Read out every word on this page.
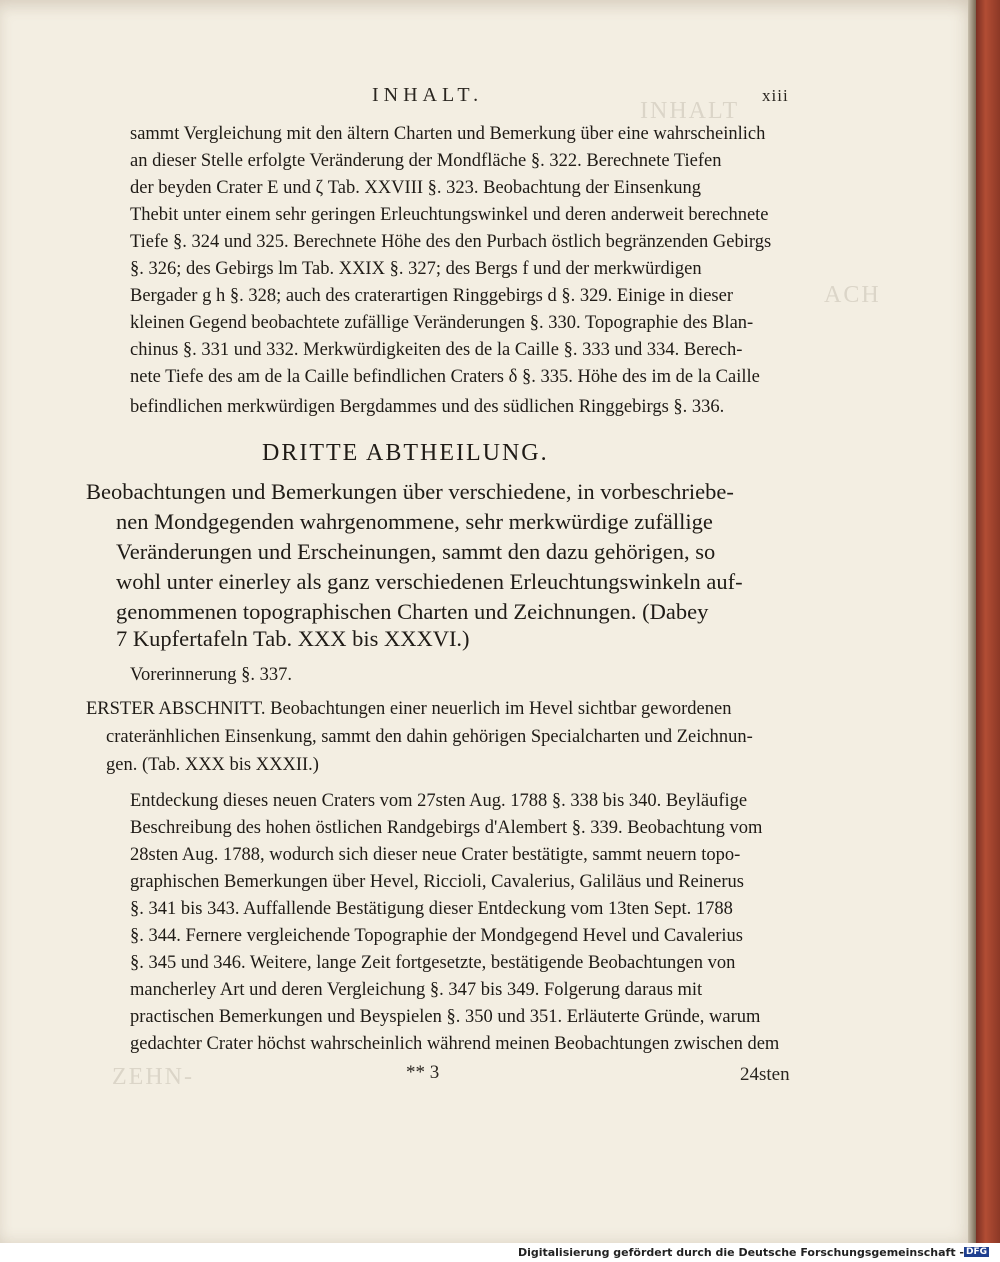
INHALT
ACH
ZEHN-
INHALT.	xiii
sammt Vergleichung mit den ältern Charten und Bemerkung über eine wahrscheinlich
an dieser Stelle erfolgte Veränderung der Mondfläche §. 322. Berechnete Tiefen
der beyden Crater E und ζ Tab. XXVIII §. 323. Beobachtung der Einsenkung
Thebit unter einem sehr geringen Erleuchtungswinkel und deren anderweit berechnete
Tiefe §. 324 und 325. Berechnete Höhe des den Purbach östlich begränzenden Gebirgs
§. 326; des Gebirgs lm Tab. XXIX §. 327; des Bergs f und der merkwürdigen
Bergader g h §. 328; auch des craterartigen Ringgebirgs d §. 329. Einige in dieser
kleinen Gegend beobachtete zufällige Veränderungen §. 330. Topographie des Blan-
chinus §. 331 und 332. Merkwürdigkeiten des de la Caille §. 333 und 334. Berech-
nete Tiefe des am de la Caille befindlichen Craters δ §. 335. Höhe des im de la Caille
befindlichen merkwürdigen Bergdammes und des südlichen Ringgebirgs §. 336.
DRITTE ABTHEILUNG.
Beobachtungen und Bemerkungen über verschiedene, in vorbeschriebe-
nen Mondgegenden wahrgenommene, sehr merkwürdige zufällige
Veränderungen und Erscheinungen, sammt den dazu gehörigen, so
wohl unter einerley als ganz verschiedenen Erleuchtungswinkeln auf-
genommenen topographischen Charten und Zeichnungen. (Dabey
7 Kupfertafeln Tab. XXX bis XXXVI.)
Vorerinnerung §. 337.
ERSTER ABSCHNITT. Beobachtungen einer neuerlich im Hevel sichtbar gewordenen
crateränhlichen Einsenkung, sammt den dahin gehörigen Specialcharten und Zeichnun-
gen. (Tab. XXX bis XXXII.)
Entdeckung dieses neuen Craters vom 27sten Aug. 1788 §. 338 bis 340. Beyläufige
Beschreibung des hohen östlichen Randgebirgs d'Alembert §. 339. Beobachtung vom
28sten Aug. 1788, wodurch sich dieser neue Crater bestätigte, sammt neuern topo-
graphischen Bemerkungen über Hevel, Riccioli, Cavalerius, Galiläus und Reinerus
§. 341 bis 343. Auffallende Bestätigung dieser Entdeckung vom 13ten Sept. 1788
§. 344. Fernere vergleichende Topographie der Mondgegend Hevel und Cavalerius
§. 345 und 346. Weitere, lange Zeit fortgesetzte, bestätigende Beobachtungen von
mancherley Art und deren Vergleichung §. 347 bis 349. Folgerung daraus mit
practischen Bemerkungen und Beyspielen §. 350 und 351. Erläuterte Gründe, warum
gedachter Crater höchst wahrscheinlich während meinen Beobachtungen zwischen dem
** 3	24sten
Digitalisierung gefördert durch die Deutsche Forschungsgemeinschaft - DFG
